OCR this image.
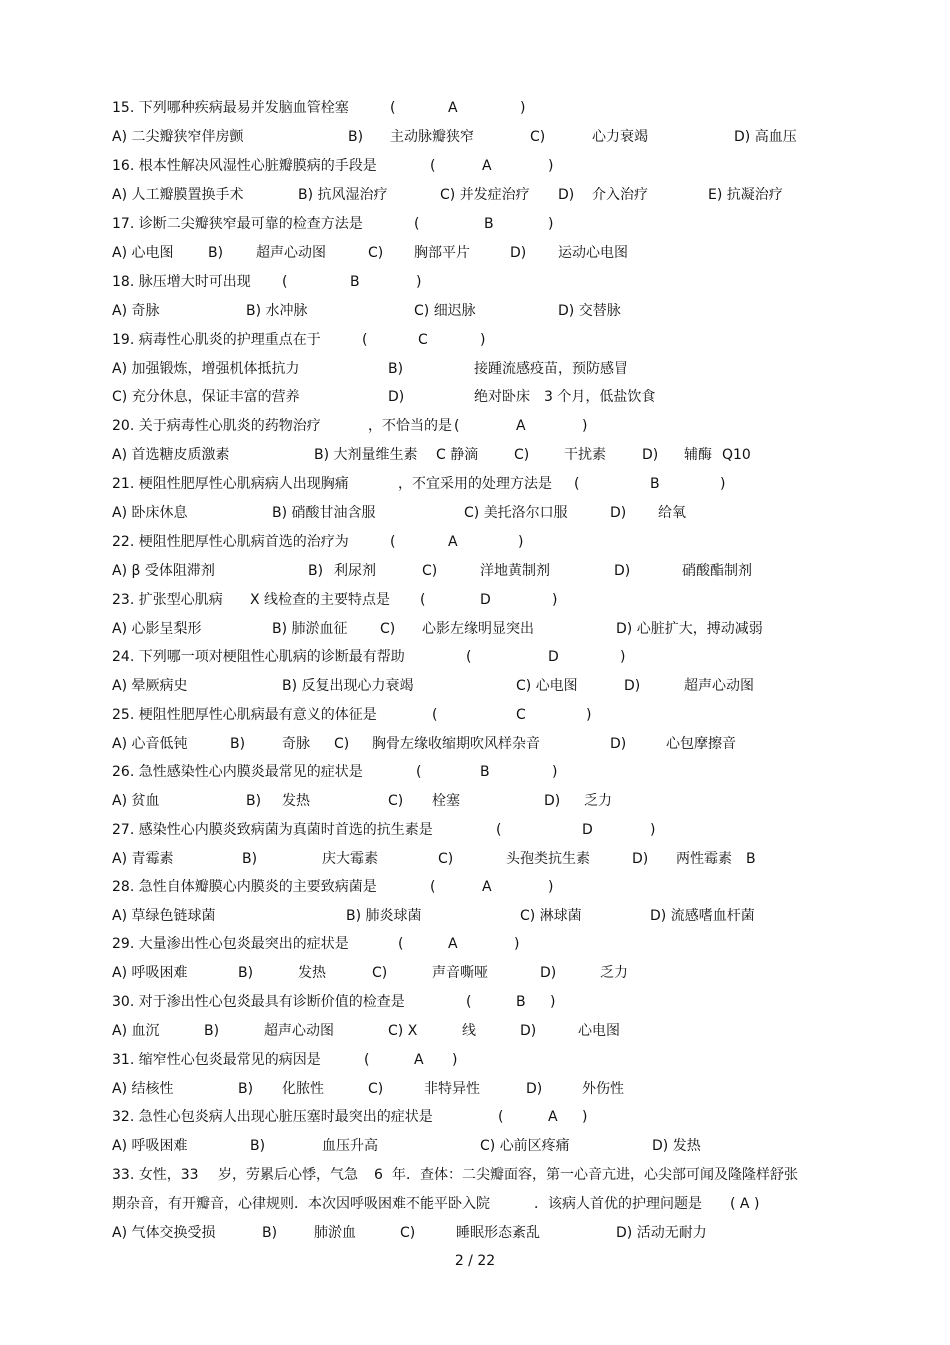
15. 下列哪种疾病最易并发脑血管栓塞	(	A	)
A) 二尖瓣狭窄伴房颤	B) 主动脉瓣狭窄	C)	心力衰竭	D) 高血压
16. 根本性解决风湿性心脏瓣膜病的手段是	(	A	)
A) 人工瓣膜置换手术	B) 抗风湿治疗	C) 并发症治疗 D) 介入治疗	E) 抗凝治疗
17. 诊断二尖瓣狭窄最可靠的检查方法是	(	B	)
A) 心电图 B) 超声心动图	C) 胸部平片	D) 运动心电图
18. 脉压增大时可出现 (	B	)
A) 奇脉	B) 水冲脉	C) 细迟脉	D) 交替脉
19. 病毒性心肌炎的护理重点在于	(	C	)
A) 加强锻炼，增强机体抵抗力	B)	接踵流感疫苗，预防感冒
C) 充分休息，保证丰富的营养	D)	绝对卧床 3 个月，低盐饮食
20. 关于病毒性心肌炎的药物治疗	，不恰当的是 (	A	)
A) 首选糖皮质激素	B) 大剂量维生素 C 静滴	C) 干扰素	D) 辅酶 Q10
21. 梗阻性肥厚性心肌病病人出现胸痛	，不宜采用的处理方法是 (	B	)
A) 卧床休息	B) 硝酸甘油含服	C) 美托洛尔口服	D) 给氧
22. 梗阻性肥厚性心肌病首选的治疗为	(	A	)
A) β 受体阻滞剂	B) 利尿剂	C)	洋地黄制剂	D)	硝酸酯制剂
23. 扩张型心肌病 X 线检查的主要特点是 (	D	)
A) 心影呈梨形	B) 肺淤血征 C) 心影左缘明显突出	D) 心脏扩大，搏动减弱
24. 下列哪一项对梗阻性心肌病的诊断最有帮助	(	D	)
A) 晕厥病史	B) 反复出现心力衰竭	C) 心电图	D)	超声心动图
25. 梗阻性肥厚性心肌病最有意义的体征是	(	C	)
A) 心音低钝	B)	奇脉 C) 胸骨左缘收缩期吹风样杂音	D)	心包摩擦音
26. 急性感染性心内膜炎最常见的症状是	(	B	)
A) 贫血	B) 发热	C) 栓塞	D) 乏力
27. 感染性心内膜炎致病菌为真菌时首选的抗生素是	(	D	)
A) 青霉素	B)	庆大霉素	C)	头孢类抗生素	D) 两性霉素 B
28. 急性自体瓣膜心内膜炎的主要致病菌是	(	A	)
A) 草绿色链球菌	B) 肺炎球菌	C) 淋球菌	D) 流感嗜血杆菌
29. 大量渗出性心包炎最突出的症状是	(	A	)
A) 呼吸困难	B)	发热	C)	声音嘶哑	D)	乏力
30. 对于渗出性心包炎最具有诊断价值的检查是	(	B )
A) 血沉	B)	超声心动图	C) X	线	D)	心电图
31. 缩窄性心包炎最常见的病因是	(	A )
A) 结核性	B) 化脓性	C)	非特异性	D)	外伤性
32. 急性心包炎病人出现心脏压塞时最突出的症状是	(	A )
A) 呼吸困难	B)	血压升高	C) 心前区疼痛	D) 发热
33. 女性，33 岁，劳累后心悸，气急 6 年．查体：二尖瓣面容，第一心音亢进，心尖部可闻及隆隆样舒张
期杂音，有开瓣音，心律规则．本次因呼吸困难不能平卧入院	．该病人首优的护理问题是 ( A )
A) 气体交换受损	B)	肺淤血	C)	睡眠形态紊乱	D) 活动无耐力
2 / 22
